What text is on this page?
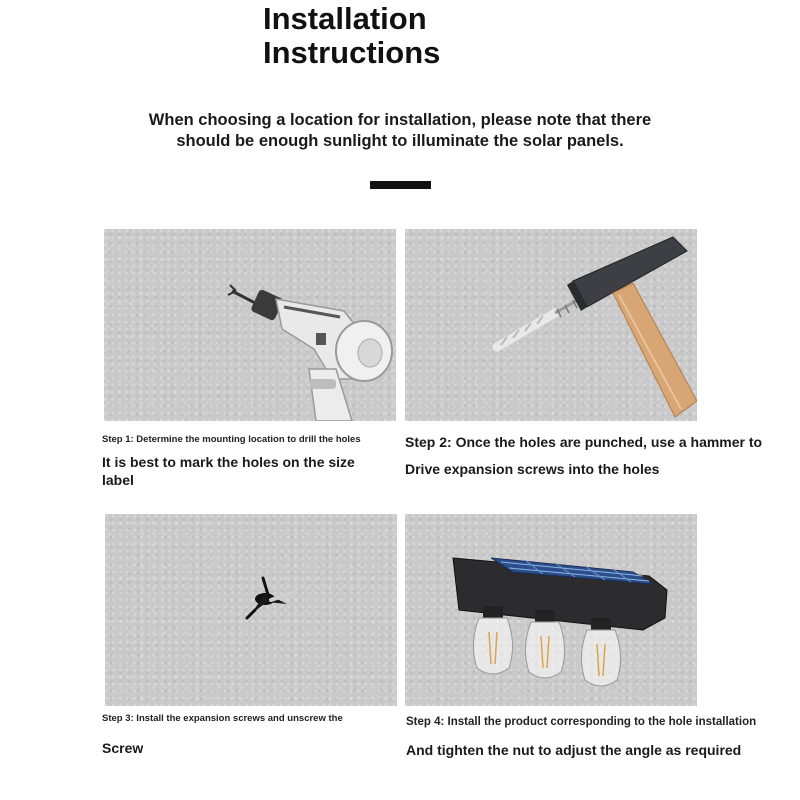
Installation
Instructions
When choosing a location for installation, please note that there
should be enough sunlight to illuminate the solar panels.
Step 1: Determine the mounting location to drill the holes
It is best to mark the holes on the size label
Step 2: Once the holes are punched, use a hammer to
Drive expansion screws into the holes
Step 3: Install the expansion screws and unscrew the
Screw
Step 4: Install the product corresponding to the hole installation
And tighten the nut to adjust the angle as required
